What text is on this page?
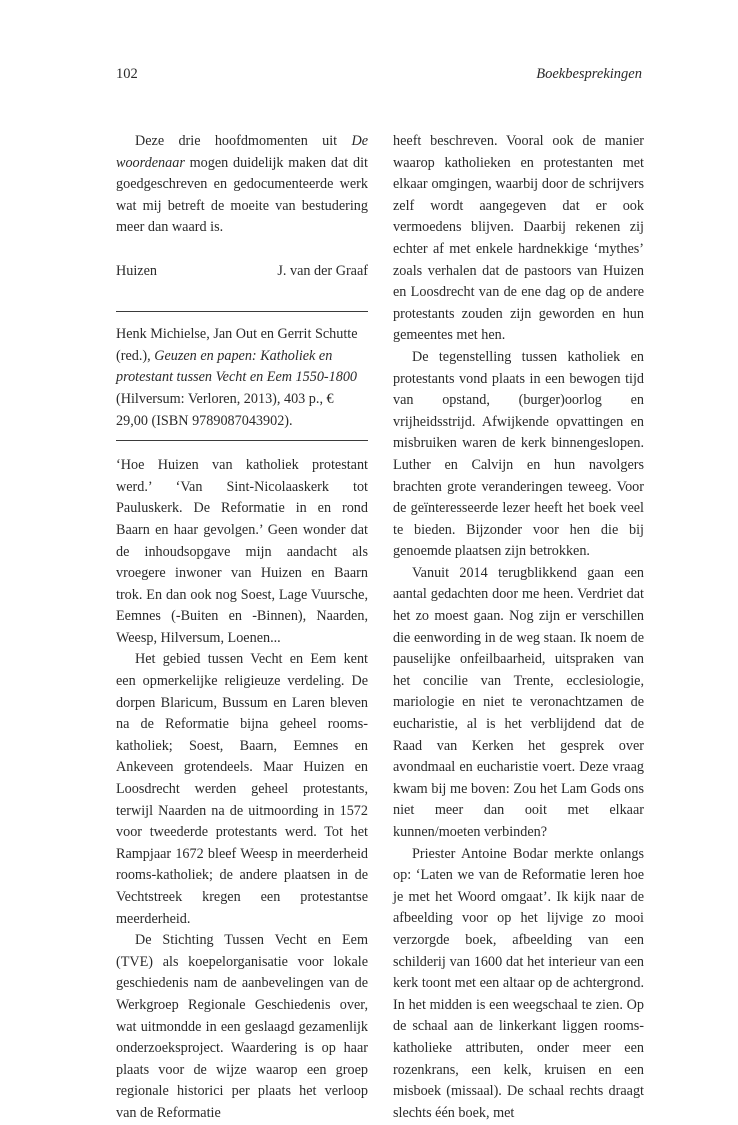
102	Boekbesprekingen

Deze drie hoofdmomenten uit De woordenaar mogen duidelijk maken dat dit goedgeschreven en gedocumenteerde werk wat mij betreft de moeite van bestudering meer dan waard is.

Huizen	J. van der Graaf

Henk Michielse, Jan Out en Gerrit Schutte (red.), Geuzen en papen: Katholiek en protestant tussen Vecht en Eem 1550-1800 (Hilversum: Verloren, 2013), 403 p., € 29,00 (ISBN 9789087043902).

‘Hoe Huizen van katholiek protestant werd.’ ‘Van Sint-Nicolaaskerk tot Pauluskerk. De Reformatie in en rond Baarn en haar gevolgen.’ Geen wonder dat de inhoudsopgave mijn aandacht als vroegere inwoner van Huizen en Baarn trok. En dan ook nog Soest, Lage Vuursche, Eemnes (-Buiten en -Binnen), Naarden, Weesp, Hilversum, Loenen...

Het gebied tussen Vecht en Eem kent een opmerkelijke religieuze verdeling. De dorpen Blaricum, Bussum en Laren bleven na de Reformatie bijna geheel rooms-katholiek; Soest, Baarn, Eemnes en Ankeveen grotendeels. Maar Huizen en Loosdrecht werden geheel protestants, terwijl Naarden na de uitmoording in 1572 voor tweederde protestants werd. Tot het Rampjaar 1672 bleef Weesp in meerderheid rooms-katholiek; de andere plaatsen in de Vechtstreek kregen een protestantse meerderheid.

De Stichting Tussen Vecht en Eem (TVE) als koepelorganisatie voor lokale geschiedenis nam de aanbevelingen van de Werkgroep Regionale Geschiedenis over, wat uitmondde in een geslaagd gezamenlijk onderzoeksproject. Waardering is op haar plaats voor de wijze waarop een groep regionale historici per plaats het verloop van de Reformatie

heeft beschreven. Vooral ook de manier waarop katholieken en protestanten met elkaar omgingen, waarbij door de schrijvers zelf wordt aangegeven dat er ook vermoedens blijven. Daarbij rekenen zij echter af met enkele hardnekkige ‘mythes’ zoals verhalen dat de pastoors van Huizen en Loosdrecht van de ene dag op de andere protestants zouden zijn geworden en hun gemeentes met hen.

De tegenstelling tussen katholiek en protestants vond plaats in een bewogen tijd van opstand, (burger)oorlog en vrijheidsstrijd. Afwijkende opvattingen en misbruiken waren de kerk binnengeslopen. Luther en Calvijn en hun navolgers brachten grote veranderingen teweeg. Voor de geïnteresseerde lezer heeft het boek veel te bieden. Bijzonder voor hen die bij genoemde plaatsen zijn betrokken.

Vanuit 2014 terugblikkend gaan een aantal gedachten door me heen. Verdriet dat het zo moest gaan. Nog zijn er verschillen die eenwording in de weg staan. Ik noem de pauselijke onfeilbaarheid, uitspraken van het concilie van Trente, ecclesiologie, mariologie en niet te veronachtzamen de eucharistie, al is het verblijdend dat de Raad van Kerken het gesprek over avondmaal en eucharistie voert. Deze vraag kwam bij me boven: Zou het Lam Gods ons niet meer dan ooit met elkaar kunnen/moeten verbinden?

Priester Antoine Bodar merkte onlangs op: ‘Laten we van de Reformatie leren hoe je met het Woord omgaat’. Ik kijk naar de afbeelding voor op het lijvige zo mooi verzorgde boek, afbeelding van een schilderij van 1600 dat het interieur van een kerk toont met een altaar op de achtergrond. In het midden is een weegschaal te zien. Op de schaal aan de linkerkant liggen rooms-katholieke attributen, onder meer een rozenkrans, een kelk, kruisen en een misboek (missaal). De schaal rechts draagt slechts één boek, met
